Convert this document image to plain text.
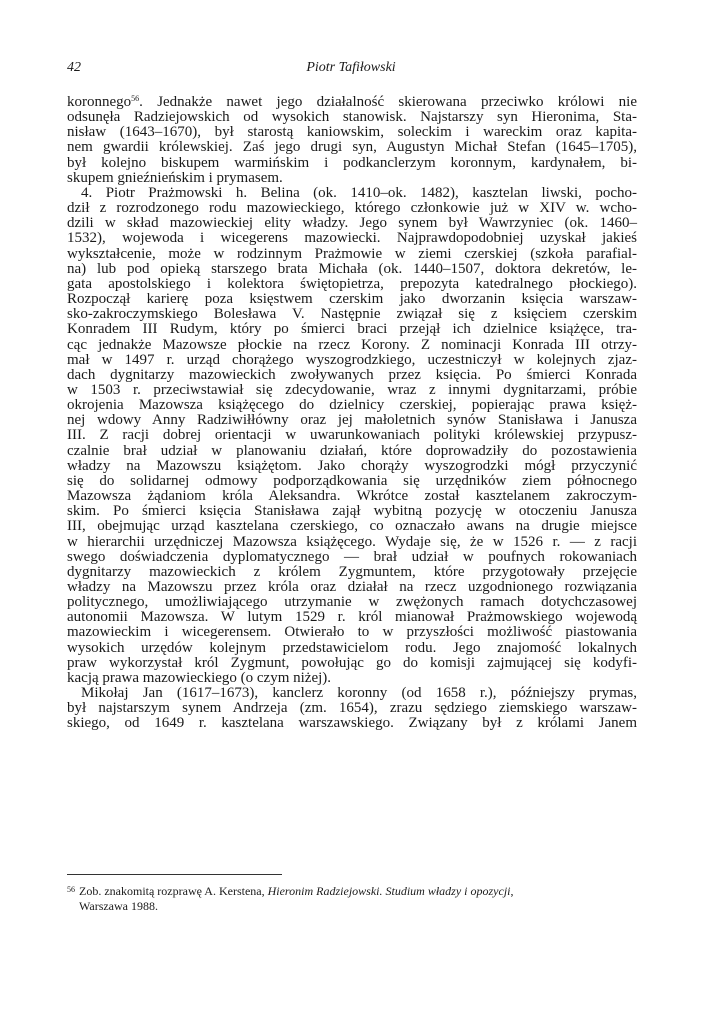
42	Piotr Tafiłowski
koronnego$^{56}$. Jednakże nawet jego działalność skierowana przeciwko królowi nie
odsunęła Radziejowskich od wysokich stanowisk. Najstarszy syn Hieronima, Sta-
nisław (1643–1670), był starostą kaniowskim, soleckim i wareckim oraz kapita-
nem gwardii królewskiej. Zaś jego drugi syn, Augustyn Michał Stefan (1645–1705),
był kolejno biskupem warmińskim i podkanclerzym koronnym, kardynałem, bi-
skupem gnieźnieńskim i prymasem.
4. Piotr Prażmowski h. Belina (ok. 1410–ok. 1482), kasztelan liwski, pocho-
dził z rozrodzonego rodu mazowieckiego, którego członkowie już w XIV w. wcho-
dzili w skład mazowieckiej elity władzy. Jego synem był Wawrzyniec (ok. 1460–
1532), wojewoda i wicegerens mazowiecki. Najprawdopodobniej uzyskał jakieś
wykształcenie, może w rodzinnym Prażmowie w ziemi czerskiej (szkoła parafial-
na) lub pod opieką starszego brata Michała (ok. 1440–1507, doktora dekretów, le-
gata apostolskiego i kolektora świętopietrza, prepozyta katedralnego płockiego).
Rozpoczął karierę poza księstwem czerskim jako dworzanin księcia warszaw-
sko-zakroczymskiego Bolesława V. Następnie związał się z księciem czerskim
Konradem III Rudym, który po śmierci braci przejął ich dzielnice książęce, tra-
cąc jednakże Mazowsze płockie na rzecz Korony. Z nominacji Konrada III otrzy-
mał w 1497 r. urząd chorążego wyszogrodzkiego, uczestniczył w kolejnych zjaz-
dach dygnitarzy mazowieckich zwoływanych przez księcia. Po śmierci Konrada
w 1503 r. przeciwstawiał się zdecydowanie, wraz z innymi dygnitarzami, próbie
okrojenia Mazowsza książęcego do dzielnicy czerskiej, popierając prawa księż-
nej wdowy Anny Radziwiłłówny oraz jej małoletnich synów Stanisława i Janusza
III. Z racji dobrej orientacji w uwarunkowaniach polityki królewskiej przypusz-
czalnie brał udział w planowaniu działań, które doprowadziły do pozostawienia
władzy na Mazowszu książętom. Jako chorąży wyszogrodzki mógł przyczynić
się do solidarnej odmowy podporządkowania się urzędników ziem północnego
Mazowsza żądaniom króla Aleksandra. Wkrótce został kasztelanem zakroczym-
skim. Po śmierci księcia Stanisława zajął wybitną pozycję w otoczeniu Janusza
III, obejmując urząd kasztelana czerskiego, co oznaczało awans na drugie miejsce
w hierarchii urzędniczej Mazowsza książęcego. Wydaje się, że w 1526 r. — z racji
swego doświadczenia dyplomatycznego — brał udział w poufnych rokowaniach
dygnitarzy mazowieckich z królem Zygmuntem, które przygotowały przejęcie
władzy na Mazowszu przez króla oraz działał na rzecz uzgodnionego rozwiązania
politycznego, umożliwiającego utrzymanie w zwężonych ramach dotychczasowej
autonomii Mazowsza. W lutym 1529 r. król mianował Prażmowskiego wojewodą
mazowieckim i wicegerensem. Otwierało to w przyszłości możliwość piastowania
wysokich urzędów kolejnym przedstawicielom rodu. Jego znajomość lokalnych
praw wykorzystał król Zygmunt, powołując go do komisji zajmującej się kodyfi-
kacją prawa mazowieckiego (o czym niżej).
Mikołaj Jan (1617–1673), kanclerz koronny (od 1658 r.), późniejszy prymas,
był najstarszym synem Andrzeja (zm. 1654), zrazu sędziego ziemskiego warszaw-
skiego, od 1649 r. kasztelana warszawskiego. Związany był z królami Janem
56 Zob. znakomitą rozprawę A. Kerstena, Hieronim Radziejowski. Studium władzy i opozycji,
Warszawa 1988.
